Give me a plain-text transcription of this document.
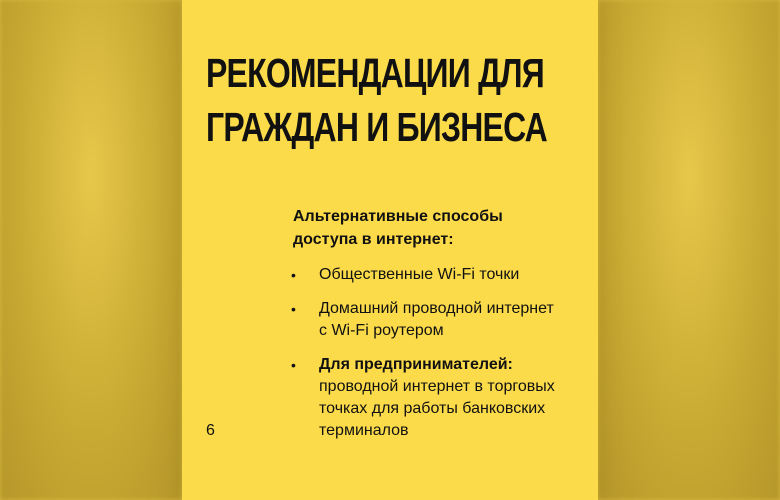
РЕКОМЕНДАЦИИ ДЛЯ
ГРАЖДАН И БИЗНЕСА
Альтернативные способы
доступа в интернет:
• Общественные Wi-Fi точки
• Домашний проводной интернет
с Wi-Fi роутером
• Для предпринимателей:
проводной интернет в торговых
точках для работы банковских
терминалов
6
